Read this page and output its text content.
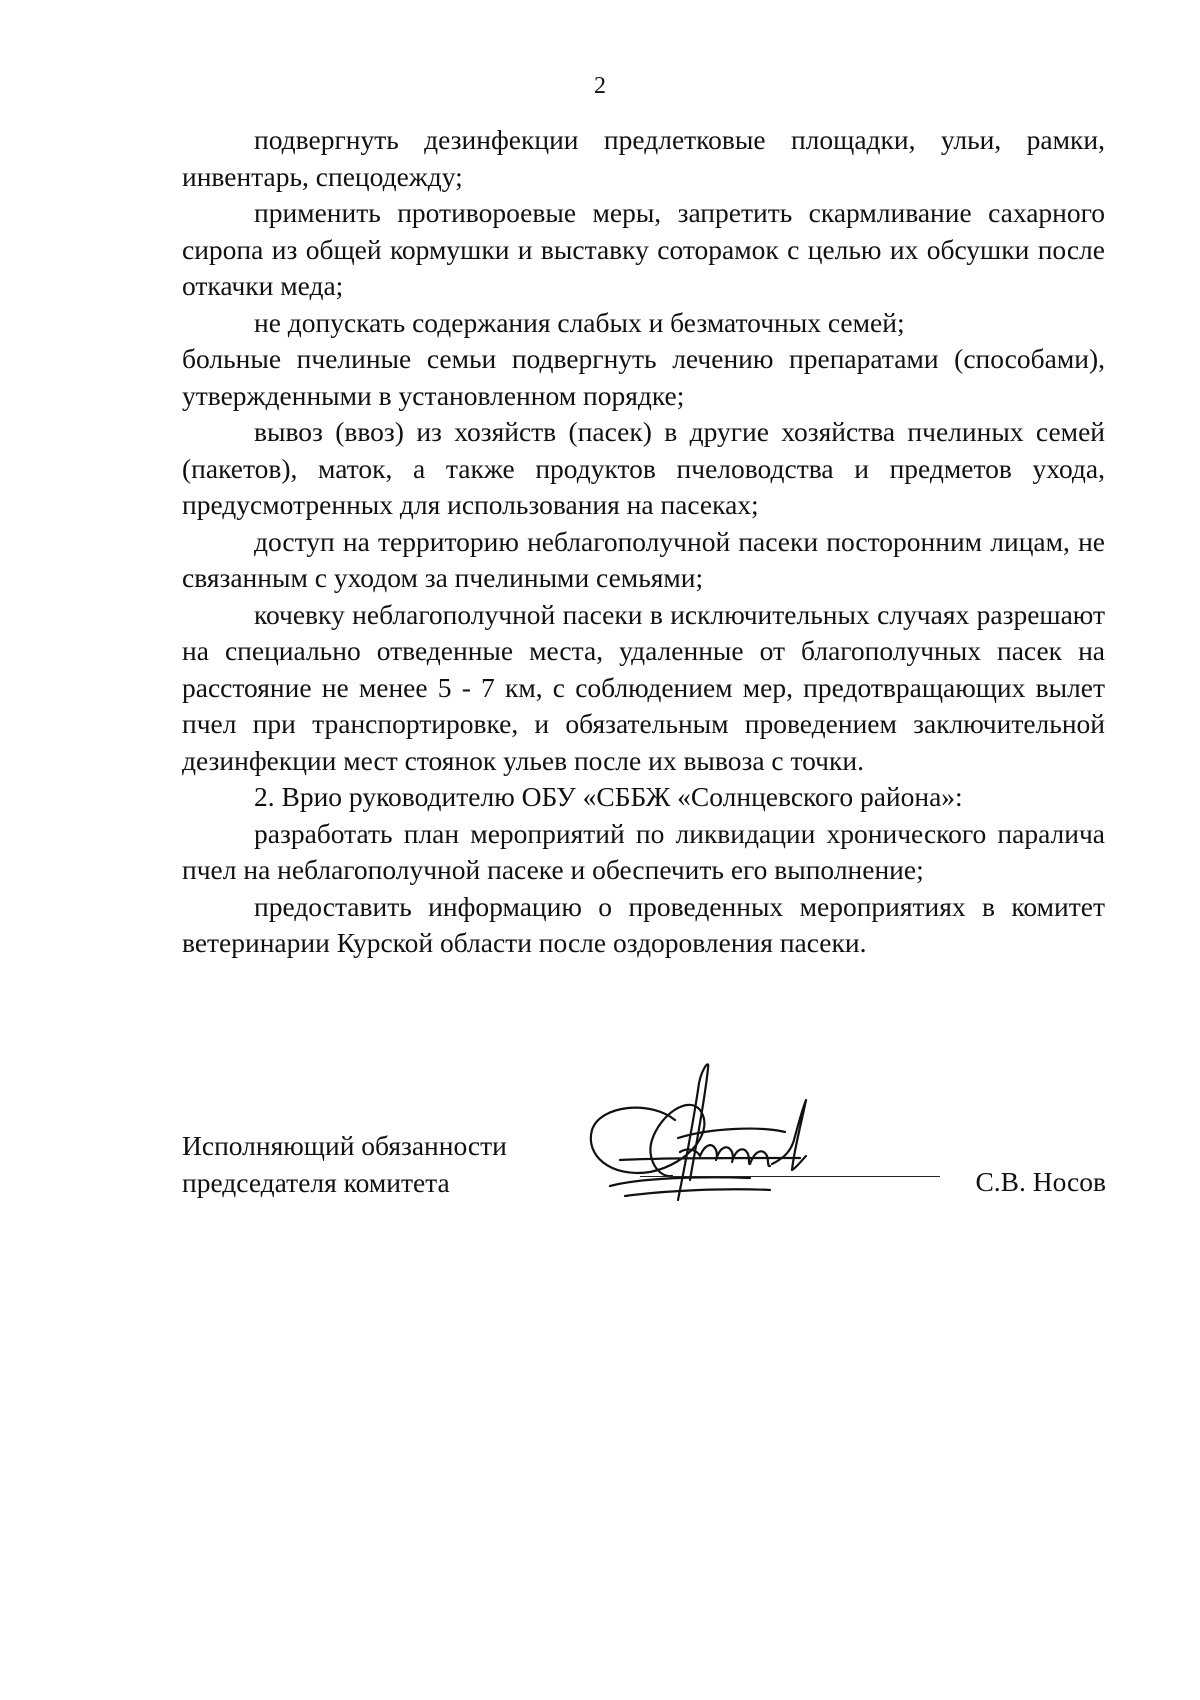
2

подвергнуть дезинфекции предлетковые площадки, ульи, рамки, инвентарь, спецодежду;

применить противороевые меры, запретить скармливание сахарного сиропа из общей кормушки и выставку соторамок с целью их обсушки после откачки меда;

не допускать содержания слабых и безматочных семей;

больные пчелиные семьи подвергнуть лечению препаратами (способами), утвержденными в установленном порядке;

вывоз (ввоз) из хозяйств (пасек) в другие хозяйства пчелиных семей (пакетов), маток, а также продуктов пчеловодства и предметов ухода, предусмотренных для использования на пасеках;

доступ на территорию неблагополучной пасеки посторонним лицам, не связанным с уходом за пчелиными семьями;

кочевку неблагополучной пасеки в исключительных случаях разрешают на специально отведенные места, удаленные от благополучных пасек на расстояние не менее 5 - 7 км, с соблюдением мер, предотвращающих вылет пчел при транспортировке, и обязательным проведением заключительной дезинфекции мест стоянок ульев после их вывоза с точки.

2. Врио руководителю ОБУ «СББЖ «Солнцевского района»:

разработать план мероприятий по ликвидации хронического паралича пчел на неблагополучной пасеке и обеспечить его выполнение;

предоставить информацию о проведенных мероприятиях в комитет ветеринарии Курской области после оздоровления пасеки.

Исполняющий обязанности
председателя комитета	С.В. Носов
